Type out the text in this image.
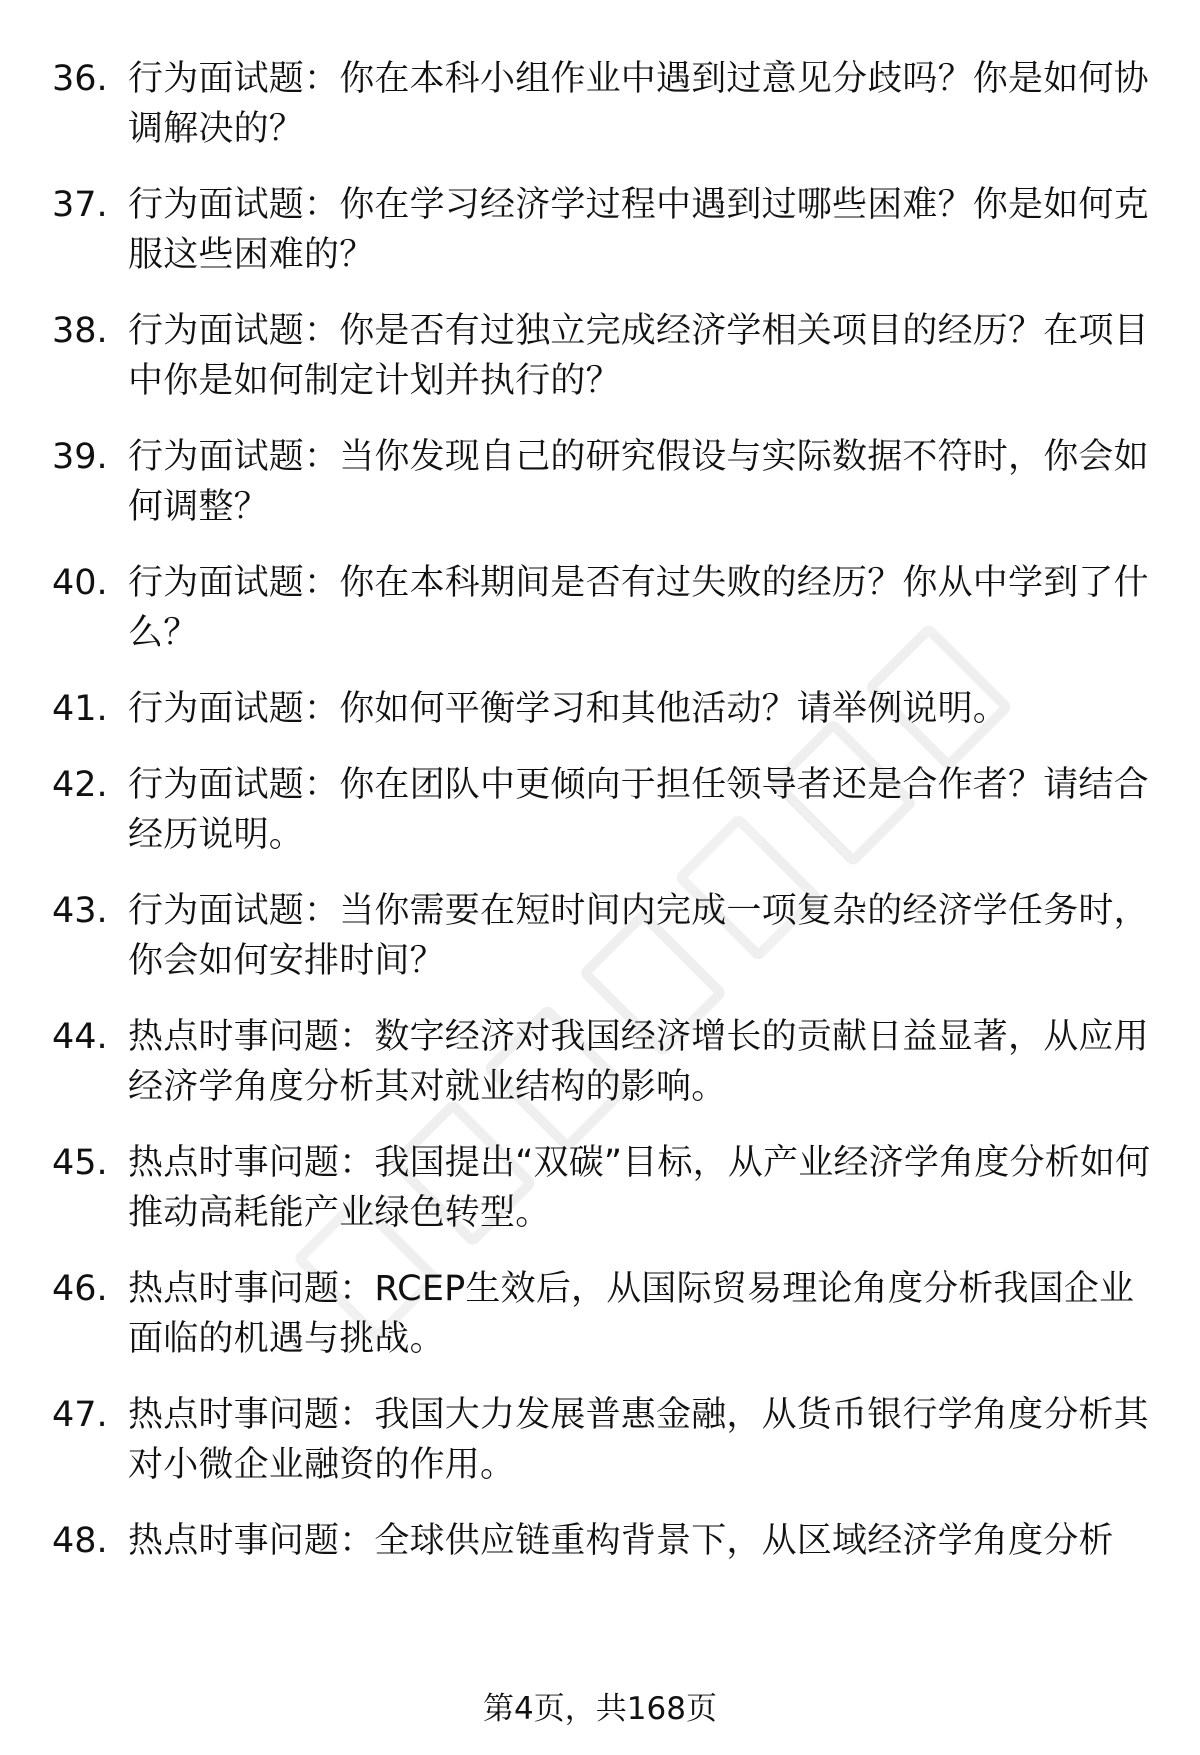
36. 行为面试题：你在本科小组作业中遇到过意见分歧吗？你是如何协调解决的？
37. 行为面试题：你在学习经济学过程中遇到过哪些困难？你是如何克服这些困难的？
38. 行为面试题：你是否有过独立完成经济学相关项目的经历？在项目中你是如何制定计划并执行的？
39. 行为面试题：当你发现自己的研究假设与实际数据不符时，你会如何调整？
40. 行为面试题：你在本科期间是否有过失败的经历？你从中学到了什么？
41. 行为面试题：你如何平衡学习和其他活动？请举例说明。
42. 行为面试题：你在团队中更倾向于担任领导者还是合作者？请结合经历说明。
43. 行为面试题：当你需要在短时间内完成一项复杂的经济学任务时，你会如何安排时间？
44. 热点时事问题：数字经济对我国经济增长的贡献日益显著，从应用经济学角度分析其对就业结构的影响。
45. 热点时事问题：我国提出“双碳”目标，从产业经济学角度分析如何推动高耗能产业绿色转型。
46. 热点时事问题：RCEP生效后，从国际贸易理论角度分析我国企业面临的机遇与挑战。
47. 热点时事问题：我国大力发展普惠金融，从货币银行学角度分析其对小微企业融资的作用。
48. 热点时事问题：全球供应链重构背景下，从区域经济学角度分析
第4页，共168页
